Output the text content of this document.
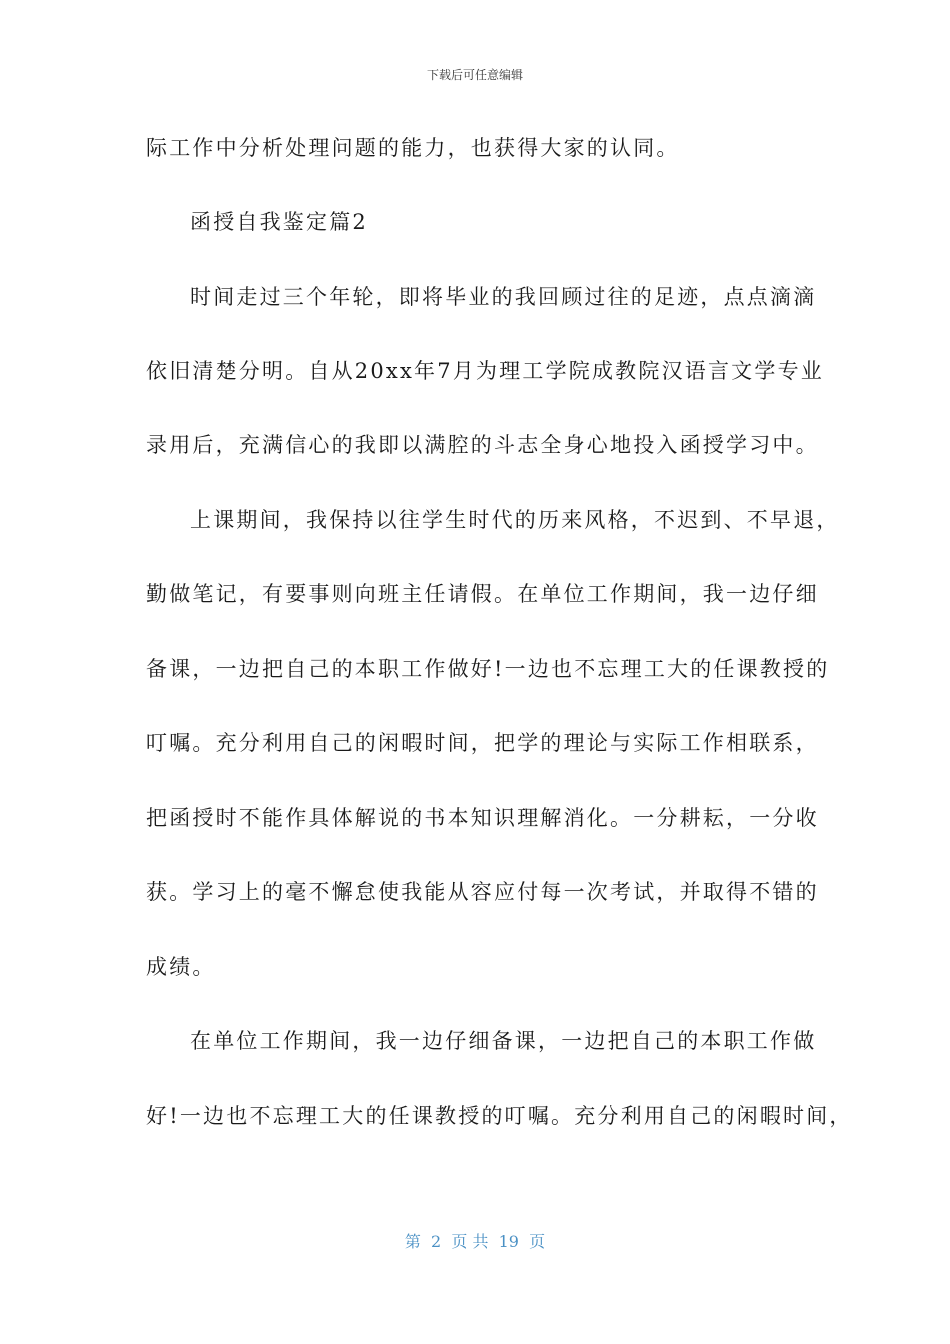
下载后可任意编辑
际工作中分析处理问题的能力，也获得大家的认同。
函授自我鉴定篇2
时间走过三个年轮，即将毕业的我回顾过往的足迹，点点滴滴
依旧清楚分明。自从20xx年7月为理工学院成教院汉语言文学专业
录用后，充满信心的我即以满腔的斗志全身心地投入函授学习中。
上课期间，我保持以往学生时代的历来风格，不迟到、不早退，
勤做笔记，有要事则向班主任请假。在单位工作期间，我一边仔细
备课，一边把自己的本职工作做好!一边也不忘理工大的任课教授的
叮嘱。充分利用自己的闲暇时间，把学的理论与实际工作相联系，
把函授时不能作具体解说的书本知识理解消化。一分耕耘，一分收
获。学习上的毫不懈怠使我能从容应付每一次考试，并取得不错的
成绩。
在单位工作期间，我一边仔细备课，一边把自己的本职工作做
好!一边也不忘理工大的任课教授的叮嘱。充分利用自己的闲暇时间，
第  2  页 共  19  页
